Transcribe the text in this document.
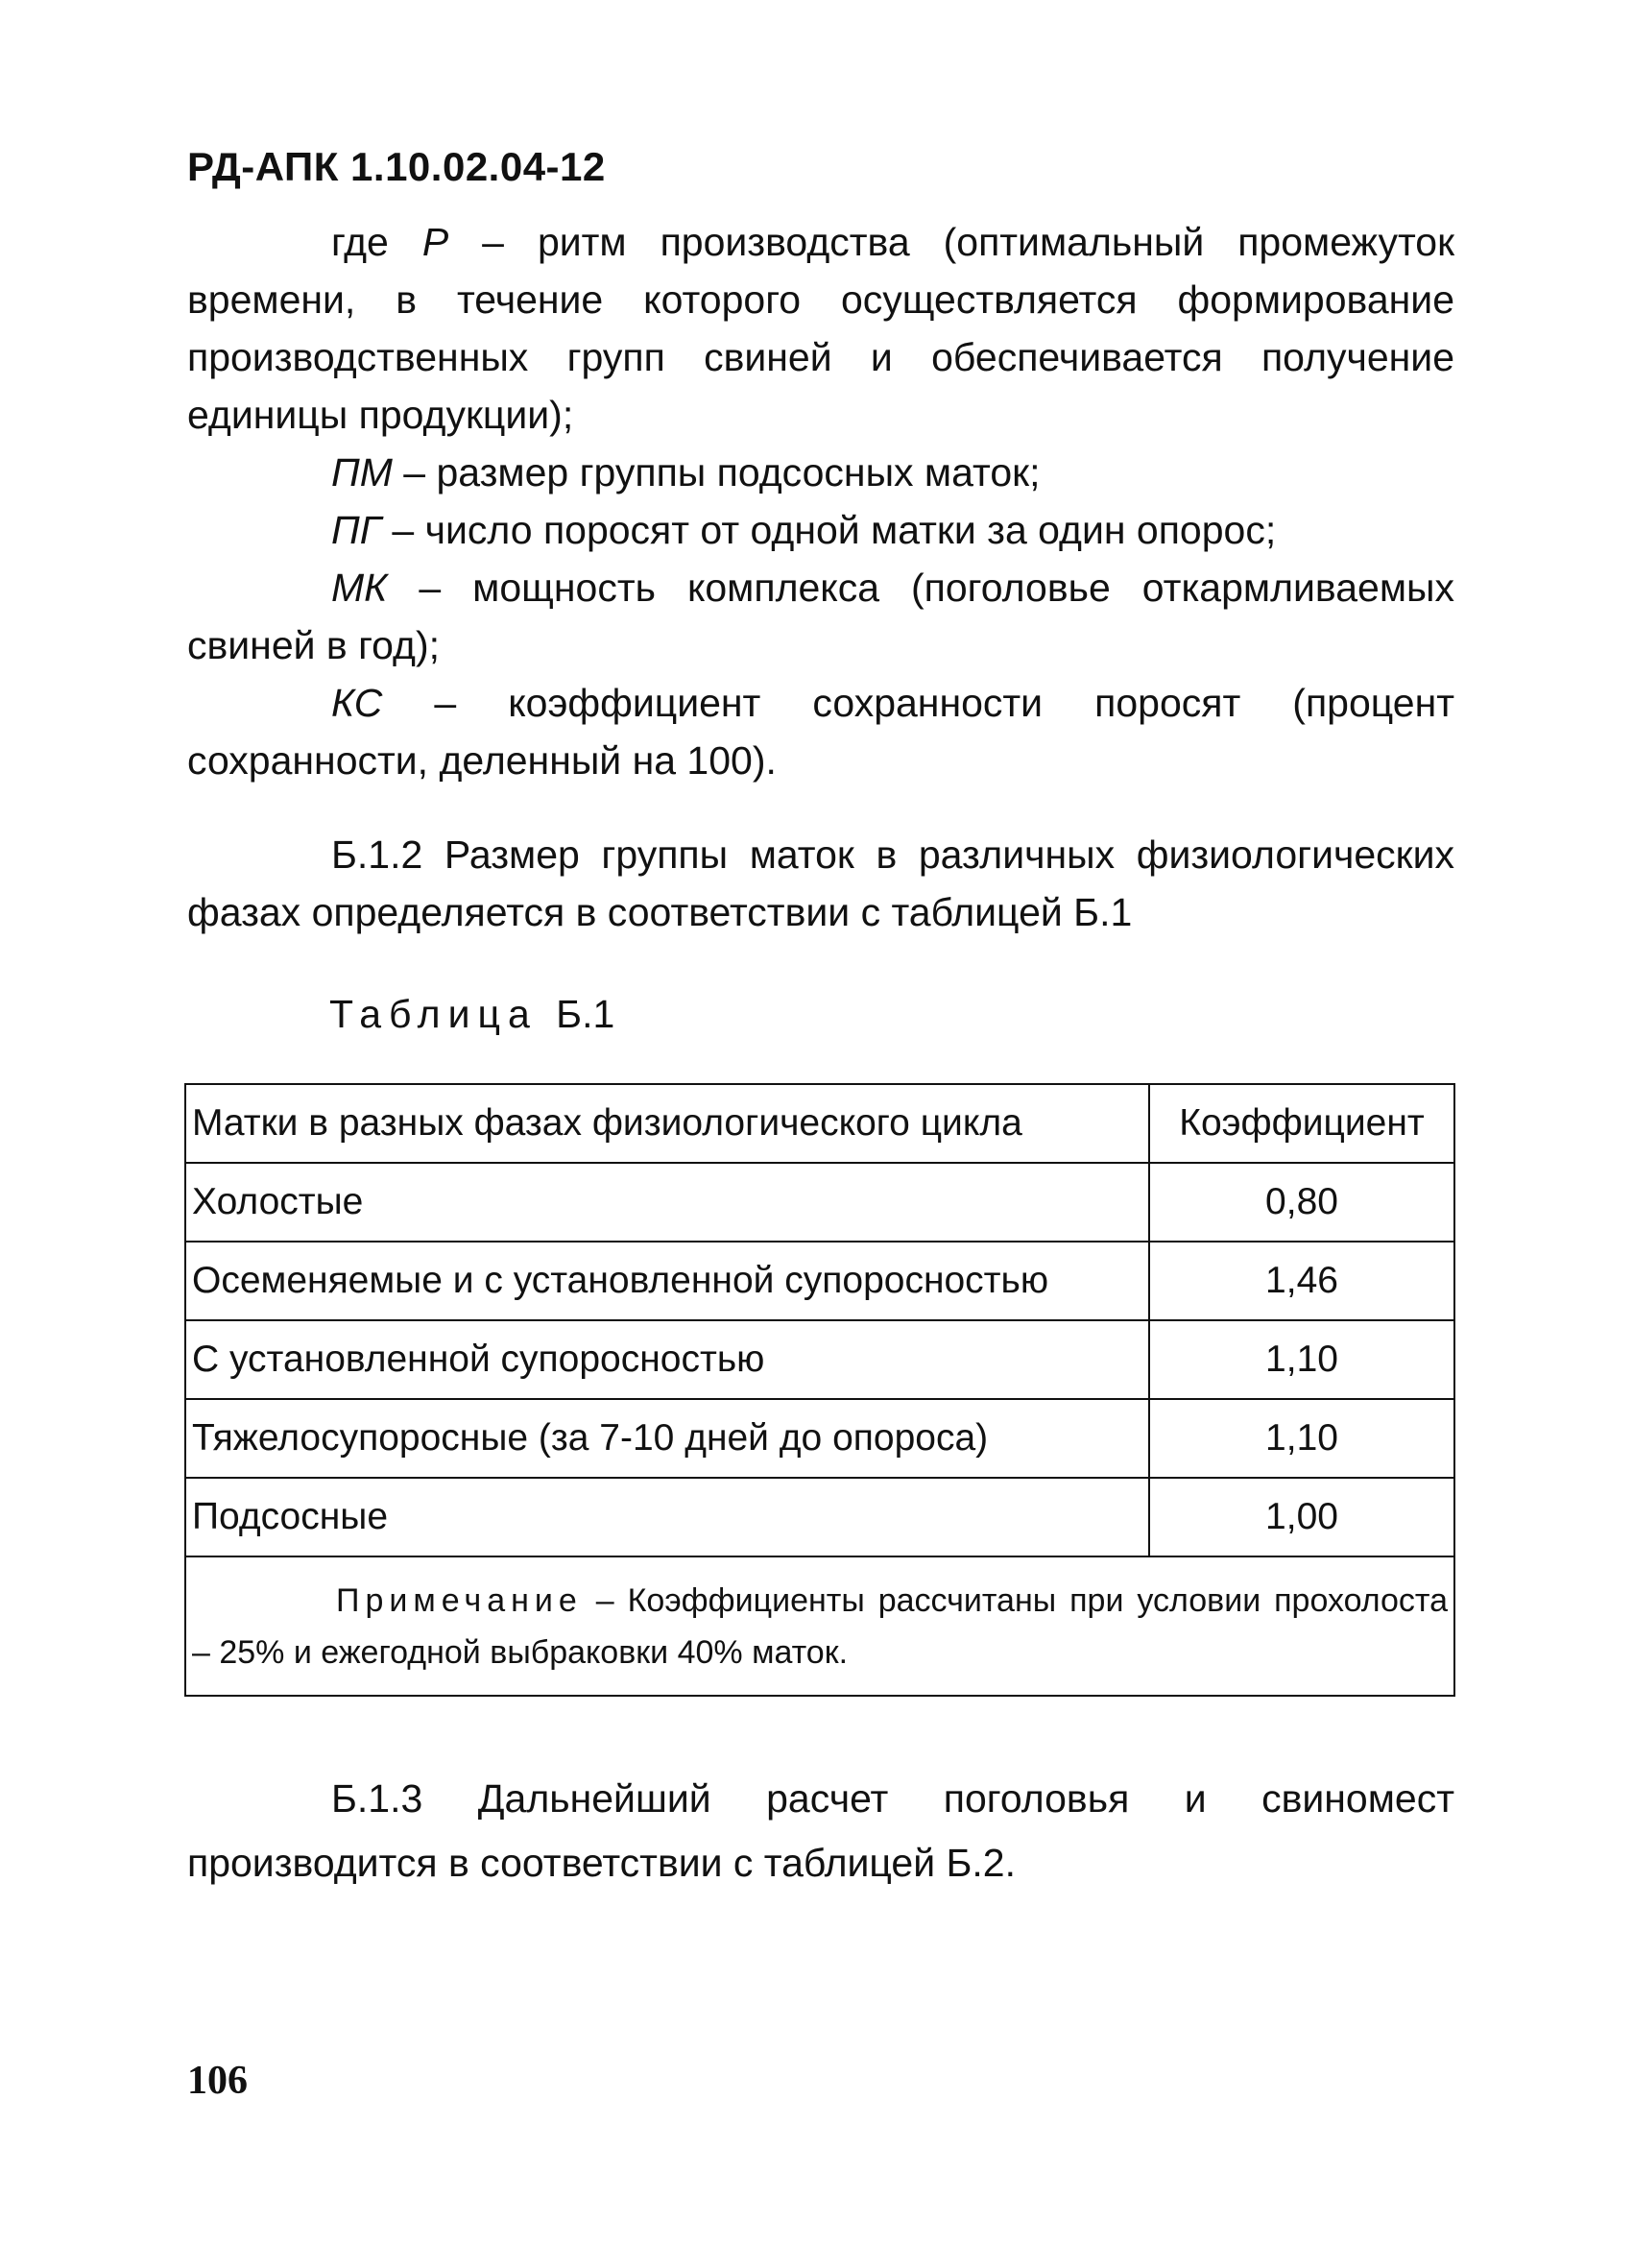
РД-АПК 1.10.02.04-12
где Р – ритм производства (оптимальный промежуток времени, в течение которого осуществляется формирование производственных групп свиней и обеспечивается получение единицы продукции);
ПМ – размер группы подсосных маток;
ПГ – число поросят от одной матки за один опорос;
МК – мощность комплекса (поголовье откармливаемых свиней в год);
КС – коэффициент сохранности поросят (процент сохранности, деленный на 100).
Б.1.2 Размер группы маток в различных физиологических фазах определяется в соответствии с таблицей Б.1
Таблица Б.1
Матки в разных фазах физиологического цикла	Коэффициент
Холостые	0,80
Осеменяемые и с установленной супоросностью	1,46
С установленной супоросностью	1,10
Тяжелосупоросные (за 7-10 дней до опороса)	1,10
Подсосные	1,00
Примечание – Коэффициенты рассчитаны при условии прохолоста – 25% и ежегодной выбраковки 40% маток.	
Б.1.3 Дальнейший расчет поголовья и свиномест производится в соответствии с таблицей Б.2.
106
